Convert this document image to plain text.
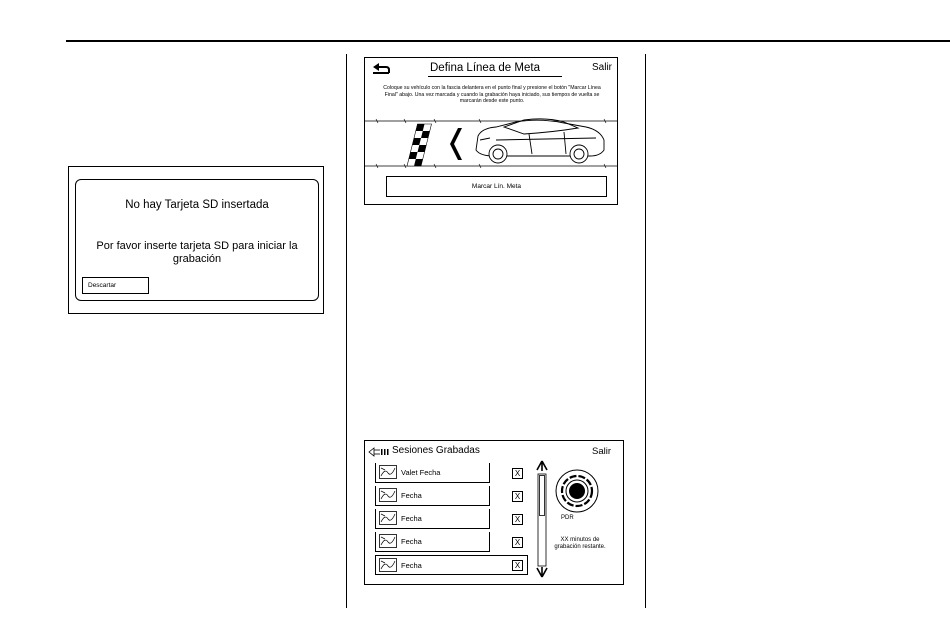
No hay Tarjeta SD insertada
Por favor inserte tarjeta SD para iniciar la grabación
Descartar
Defina Línea de Meta	Salir
Coloque su vehículo con la fascia delantera en el punto final y presione el botón "Marcar Línea Final" abajo. Una vez marcada y cuando la grabación haya iniciado, sus tiempos de vuelta se marcarán desde este punto.
Marcar Lín. Meta
Sesiones Grabadas	Salir
Valet Fecha
Fecha
Fecha
Fecha
Fecha
X
X
X
X
X
PDR
XX minutos de grabación restante.
